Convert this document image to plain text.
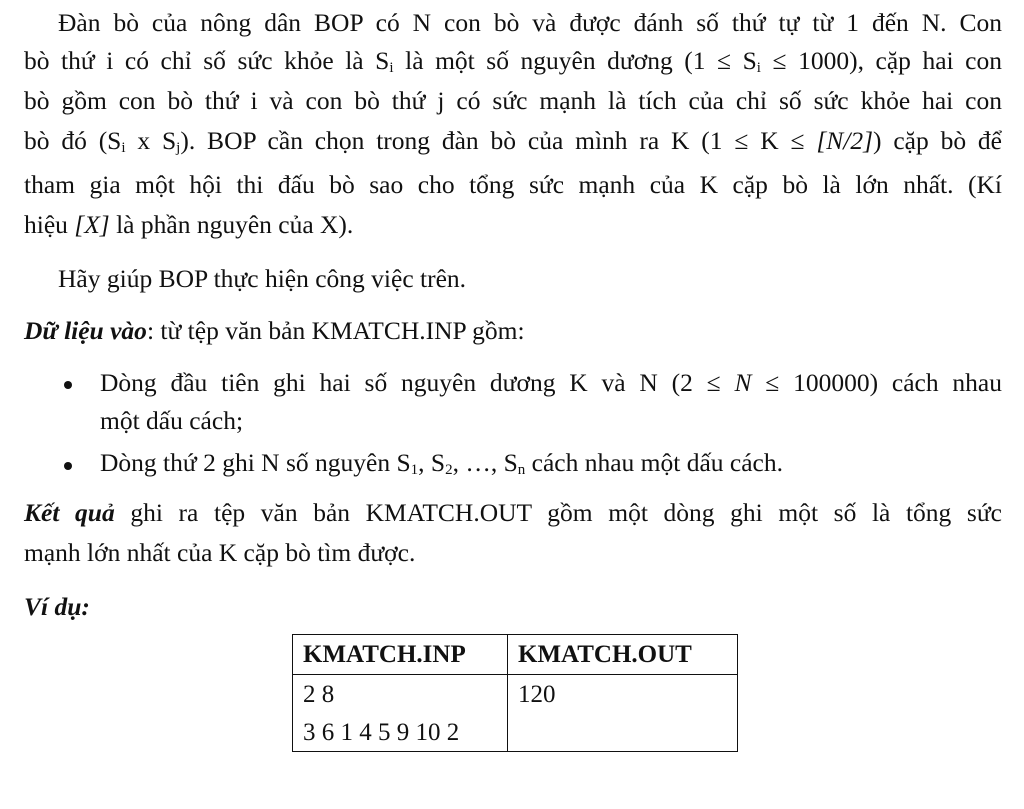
Đàn bò của nông dân BOP có N con bò và được đánh số thứ tự từ 1 đến N. Con
bò thứ i có chỉ số sức khỏe là $S_i$ là một số nguyên dương $(1 \le S_i \le 1000)$, cặp hai con
bò gồm con bò thứ i và con bò thứ j có sức mạnh là tích của chỉ số sức khỏe hai con
bò đó ($S_i$ x $S_j$). BOP cần chọn trong đàn bò của mình ra K (1 ≤ K ≤ [N/2]) cặp bò để
tham gia một hội thi đấu bò sao cho tổng sức mạnh của K cặp bò là lớn nhất. (Kí
hiệu [X] là phần nguyên của X).
Hãy giúp BOP thực hiện công việc trên.
Dữ liệu vào: từ tệp văn bản KMATCH.INP gồm:
Dòng đầu tiên ghi hai số nguyên dương K và N (2 ≤ N ≤ 100000) cách nhau
một dấu cách;
Dòng thứ 2 ghi N số nguyên $S_1$, $S_2$, …, $S_n$ cách nhau một dấu cách.
Kết quả ghi ra tệp văn bản KMATCH.OUT gồm một dòng ghi một số là tổng sức
mạnh lớn nhất của K cặp bò tìm được.
Ví dụ:
KMATCH.INP	KMATCH.OUT

2 8
3 6 1 4 5 9 10 2	120
